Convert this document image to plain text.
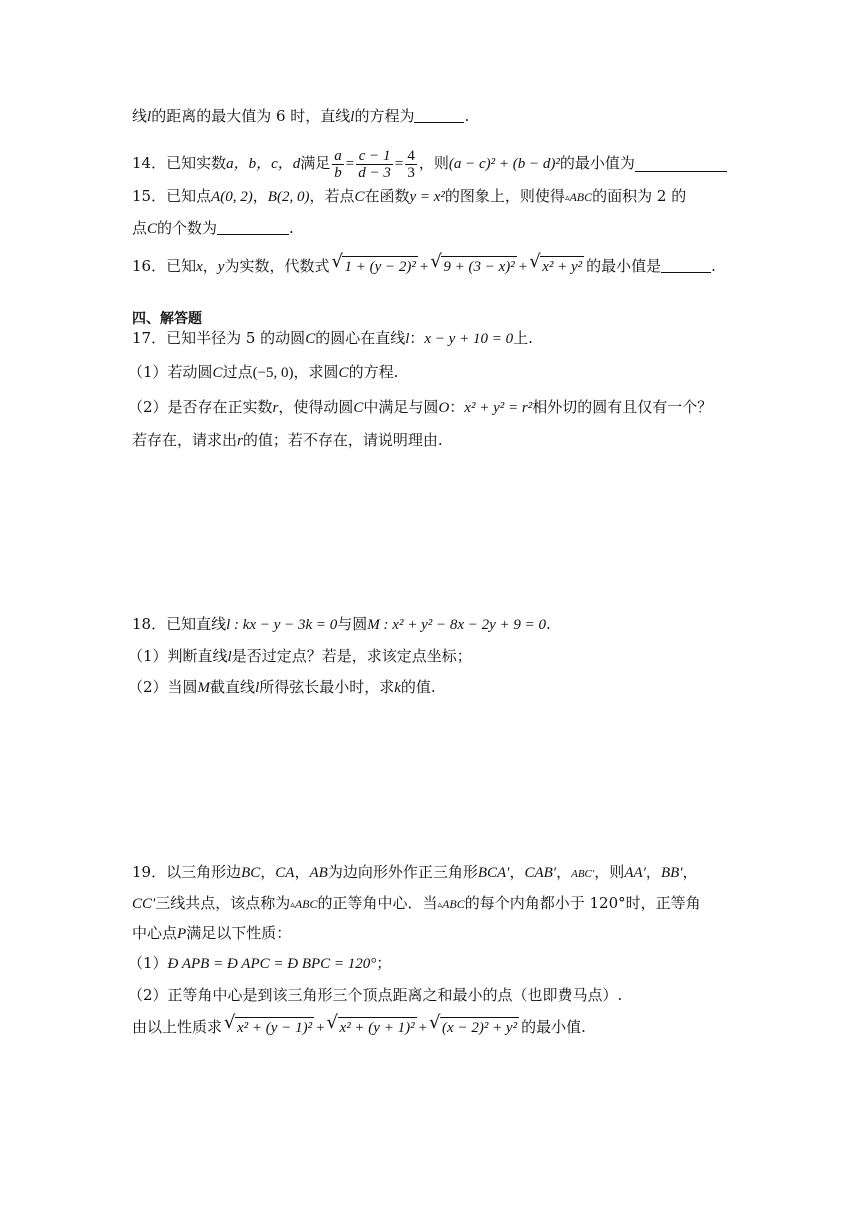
线l的距离的最大值为 6 时，直线l的方程为	.
14．已知实数a，b，c，d满足 $\frac{a}{b} = \frac{c - 1}{d - 3} = \frac{4}{3}$ ，则(a − c)² + (b − d)²的最小值为
15．已知点A(0, 2)，B(2, 0)，若点C在函数y = x²的图象上，则使得▵ABC的面积为 2 的
点C的个数为	.
16．已知x，y为实数，代数式 √ 1 + (y − 2)² + √ 9 + (3 − x)² + √ x² + y² 的最小值是	.
四、解答题
17．已知半径为 5 的动圆C的圆心在直线l：x − y + 10 = 0上.
（1）若动圆C过点(−5, 0)，求圆C的方程.
（2）是否存在正实数r，使得动圆C中满足与圆O：x² + y² = r²相外切的圆有且仅有一个？
若存在，请求出r的值；若不存在，请说明理由.
18．已知直线l : kx − y − 3k = 0与圆M : x² + y² − 8x − 2y + 9 = 0.
（1）判断直线l是否过定点？若是，求该定点坐标；
（2）当圆M截直线l所得弦长最小时，求k的值.
19．以三角形边BC，CA，AB为边向形外作正三角形BCA′，CAB′，ABC′，则AA′，BB′，
CC′三线共点，该点称为▵ABC的正等角中心．当▵ABC的每个内角都小于 120°时，正等角
中心点P满足以下性质：
（1）Ð APB = Ð APC = Ð BPC = 120°；
（2）正等角中心是到该三角形三个顶点距离之和最小的点（也即费马点）.
由以上性质求 √ x² + (y − 1)² + √ x² + (y + 1)² + √ (x − 2)² + y² 的最小值.
